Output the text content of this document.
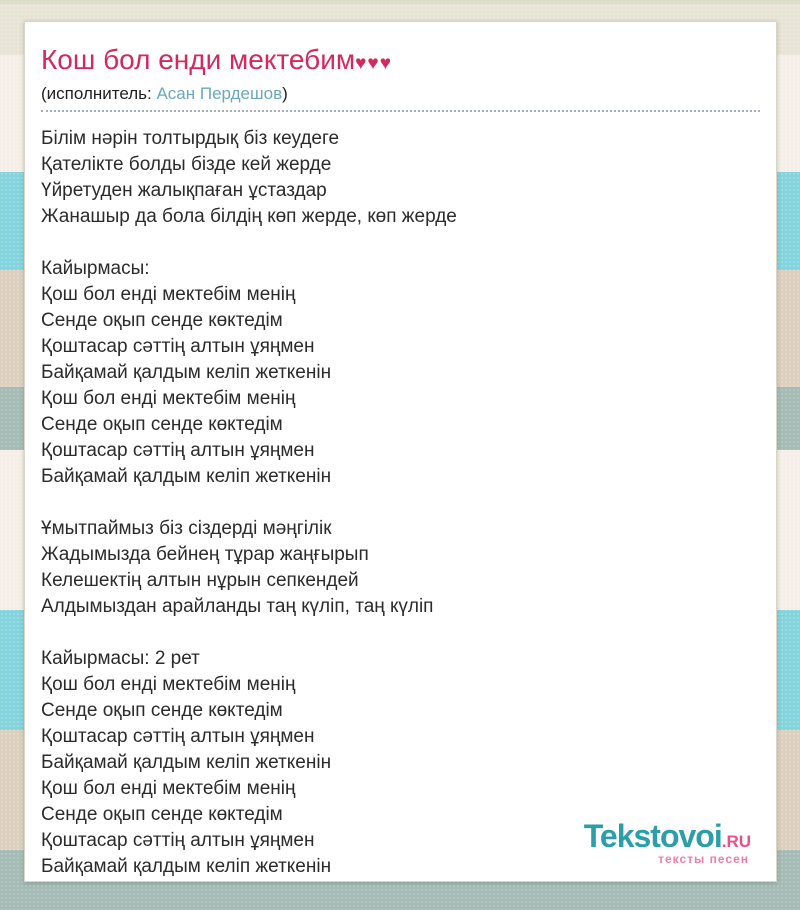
Кош бол енди мектебим♥♥♥
(исполнитель: Асан Пердешов)
Білім нәрін толтырдық біз кеудеге
Қателікте болды бізде кей жерде
Үйретуден жалықпаған ұстаздар
Жанашыр да бола білдің көп жерде, көп жерде
Кайырмасы:
Қош бол енді мектебім менің
Сенде оқып сенде көктедім
Қоштасар сәттің алтын ұяңмен
Байқамай қалдым келіп жеткенін
Қош бол енді мектебім менің
Сенде оқып сенде көктедім
Қоштасар сәттің алтын ұяңмен
Байқамай қалдым келіп жеткенін
Ұмытпаймыз біз сіздерді мәңгілік
Жадымызда бейнең тұрар жаңғырып
Келешектің алтын нұрын сепкендей
Алдымыздан арайланды таң күліп, таң күліп
Кайырмасы: 2 рет
Қош бол енді мектебім менің
Сенде оқып сенде көктедім
Қоштасар сәттің алтын ұяңмен
Байқамай қалдым келіп жеткенін
Қош бол енді мектебім менің
Сенде оқып сенде көктедім
Қоштасар сәттің алтын ұяңмен
Байқамай қалдым келіп жеткенін
Tekstovoi.RU
тексты песен
